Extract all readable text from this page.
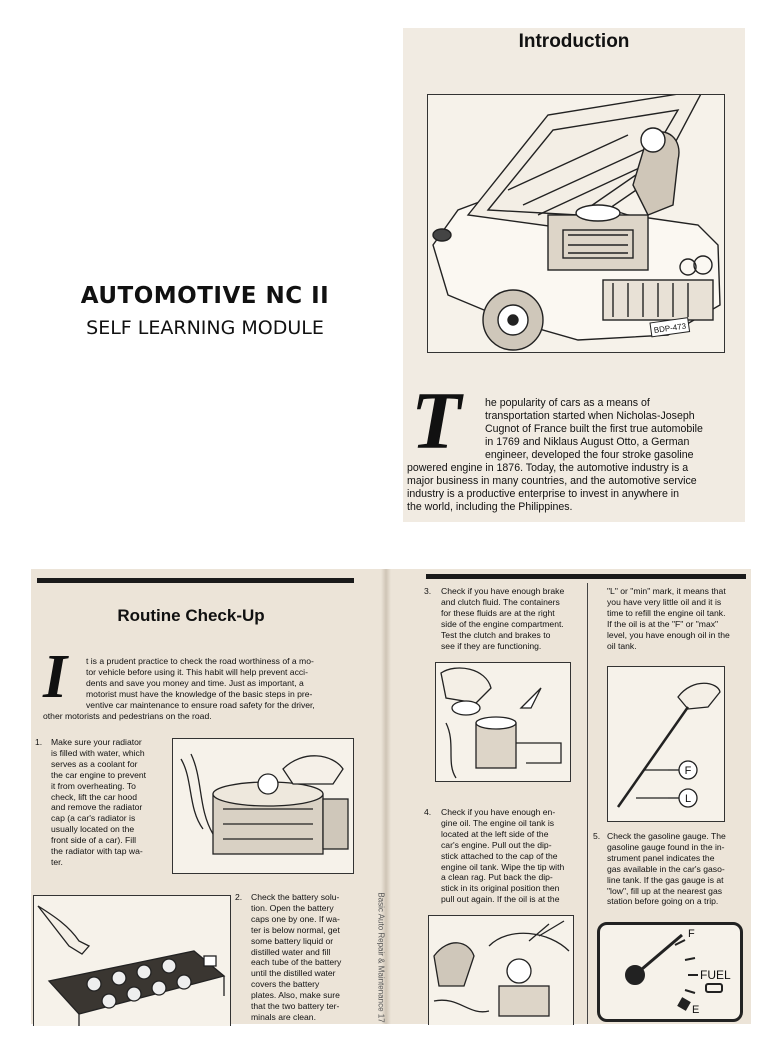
AUTOMOTIVE NC II
SELF LEARNING MODULE
Introduction
BDP-473
T he popularity of cars as a means of
transportation started when Nicholas-Joseph
Cugnot of France built the first true automobile
in 1769 and Niklaus August Otto, a German
engineer, developed the four stroke gasoline
powered engine in 1876. Today, the automotive industry is a
major business in many countries, and the automotive service
industry is a productive enterprise to invest in anywhere in
the world, including the Philippines.
Basic Auto Repair & Maintenance 17
Routine Check-Up
I t is a prudent practice to check the road worthiness of a mo-
tor vehicle before using it. This habit will help prevent acci-
dents and save you money and time. Just as important, a
motorist must have the knowledge of the basic steps in pre-
ventive car maintenance to ensure road safety for the driver,
other motorists and pedestrians on the road.
1. Make sure your radiator
is filled with water, which
serves as a coolant for
the car engine to prevent
it from overheating. To
check, lift the car hood
and remove the radiator
cap (a car's radiator is
usually located on the
front side of a car). Fill
the radiator with tap wa-
ter.
2. Check the battery solu-
tion. Open the battery
caps one by one. If wa-
ter is below normal, get
some battery liquid or
distilled water and fill
each tube of the battery
until the distilled water
covers the battery
plates. Also, make sure
that the two battery ter-
minals are clean.
3. Check if you have enough brake
and clutch fluid. The containers
for these fluids are at the right
side of the engine compartment.
Test the clutch and brakes to
see if they are functioning.
4. Check if you have enough en-
gine oil. The engine oil tank is
located at the left side of the
car's engine. Pull out the dip-
stick attached to the cap of the
engine oil tank. Wipe the tip with
a clean rag. Put back the dip-
stick in its original position then
pull out again. If the oil is at the
"L" or "min" mark, it means that
you have very little oil and it is
time to refill the engine oil tank.
If the oil is at the "F" or "max"
level, you have enough oil in the
oil tank.
F
L
5. Check the gasoline gauge. The
gasoline gauge found in the in-
strument panel indicates the
gas available in the car's gaso-
line tank. If the gas gauge is at
"low", fill up at the nearest gas
station before going on a trip.
F
E
FUEL
